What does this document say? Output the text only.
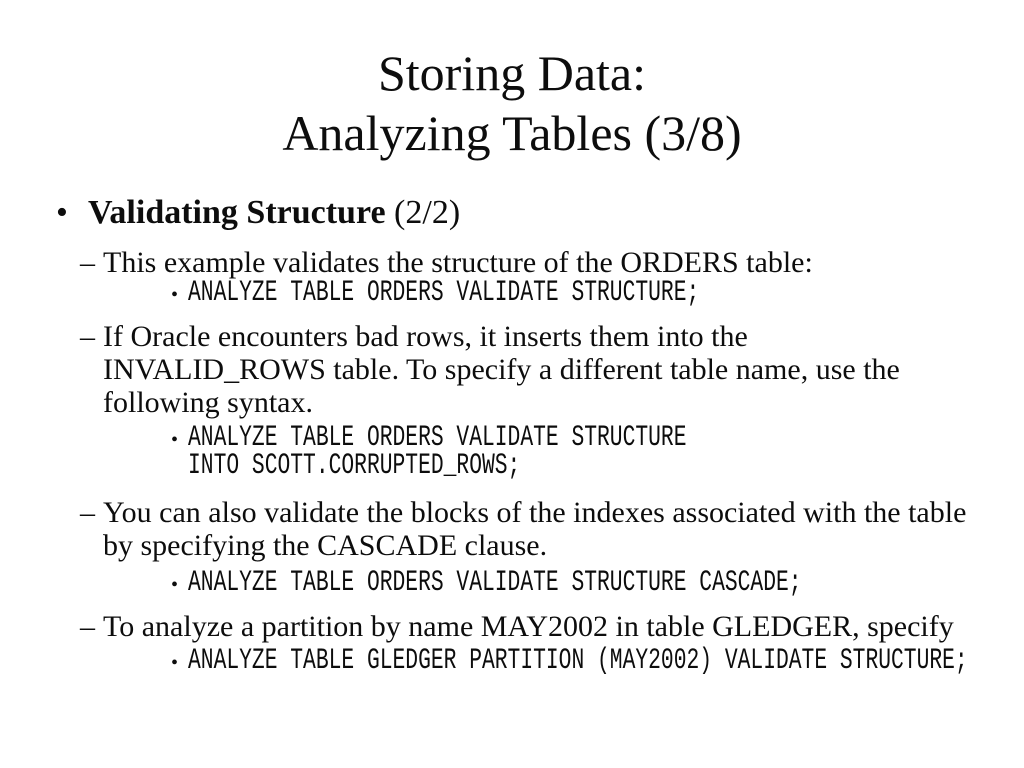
Storing Data:
Analyzing Tables (3/8)
• Validating Structure (2/2)
– This example validates the structure of the ORDERS table:
• ANALYZE TABLE ORDERS VALIDATE STRUCTURE;
– If Oracle encounters bad rows, it inserts them into the
INVALID_ROWS table. To specify a different table name, use the
following syntax.
• ANALYZE TABLE ORDERS VALIDATE STRUCTURE
INTO SCOTT.CORRUPTED_ROWS;
– You can also validate the blocks of the indexes associated with the table
by specifying the CASCADE clause.
• ANALYZE TABLE ORDERS VALIDATE STRUCTURE CASCADE;
– To analyze a partition by name MAY2002 in table GLEDGER, specify
• ANALYZE TABLE GLEDGER PARTITION (MAY2002) VALIDATE STRUCTURE;
